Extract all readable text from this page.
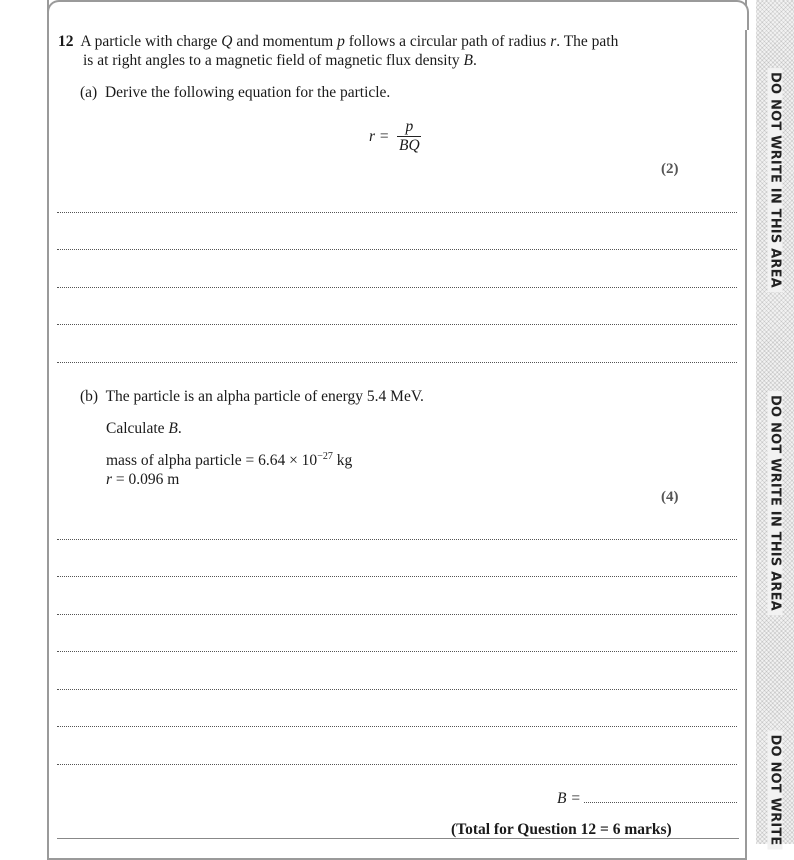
DO NOT WRITE IN THIS AREA
DO NOT WRITE IN THIS AREA
DO NOT WRITE
12 A particle with charge Q and momentum p follows a circular path of radius r. The path
is at right angles to a magnetic field of magnetic flux density B.
(a) Derive the following equation for the particle.
$r = \frac{p}{BQ}$
(2)
(b) The particle is an alpha particle of energy 5.4 MeV.
Calculate B.
mass of alpha particle = $6.64 \times 10^{-27}$ kg
r = 0.096 m
(4)
B =
(Total for Question 12 = 6 marks)
